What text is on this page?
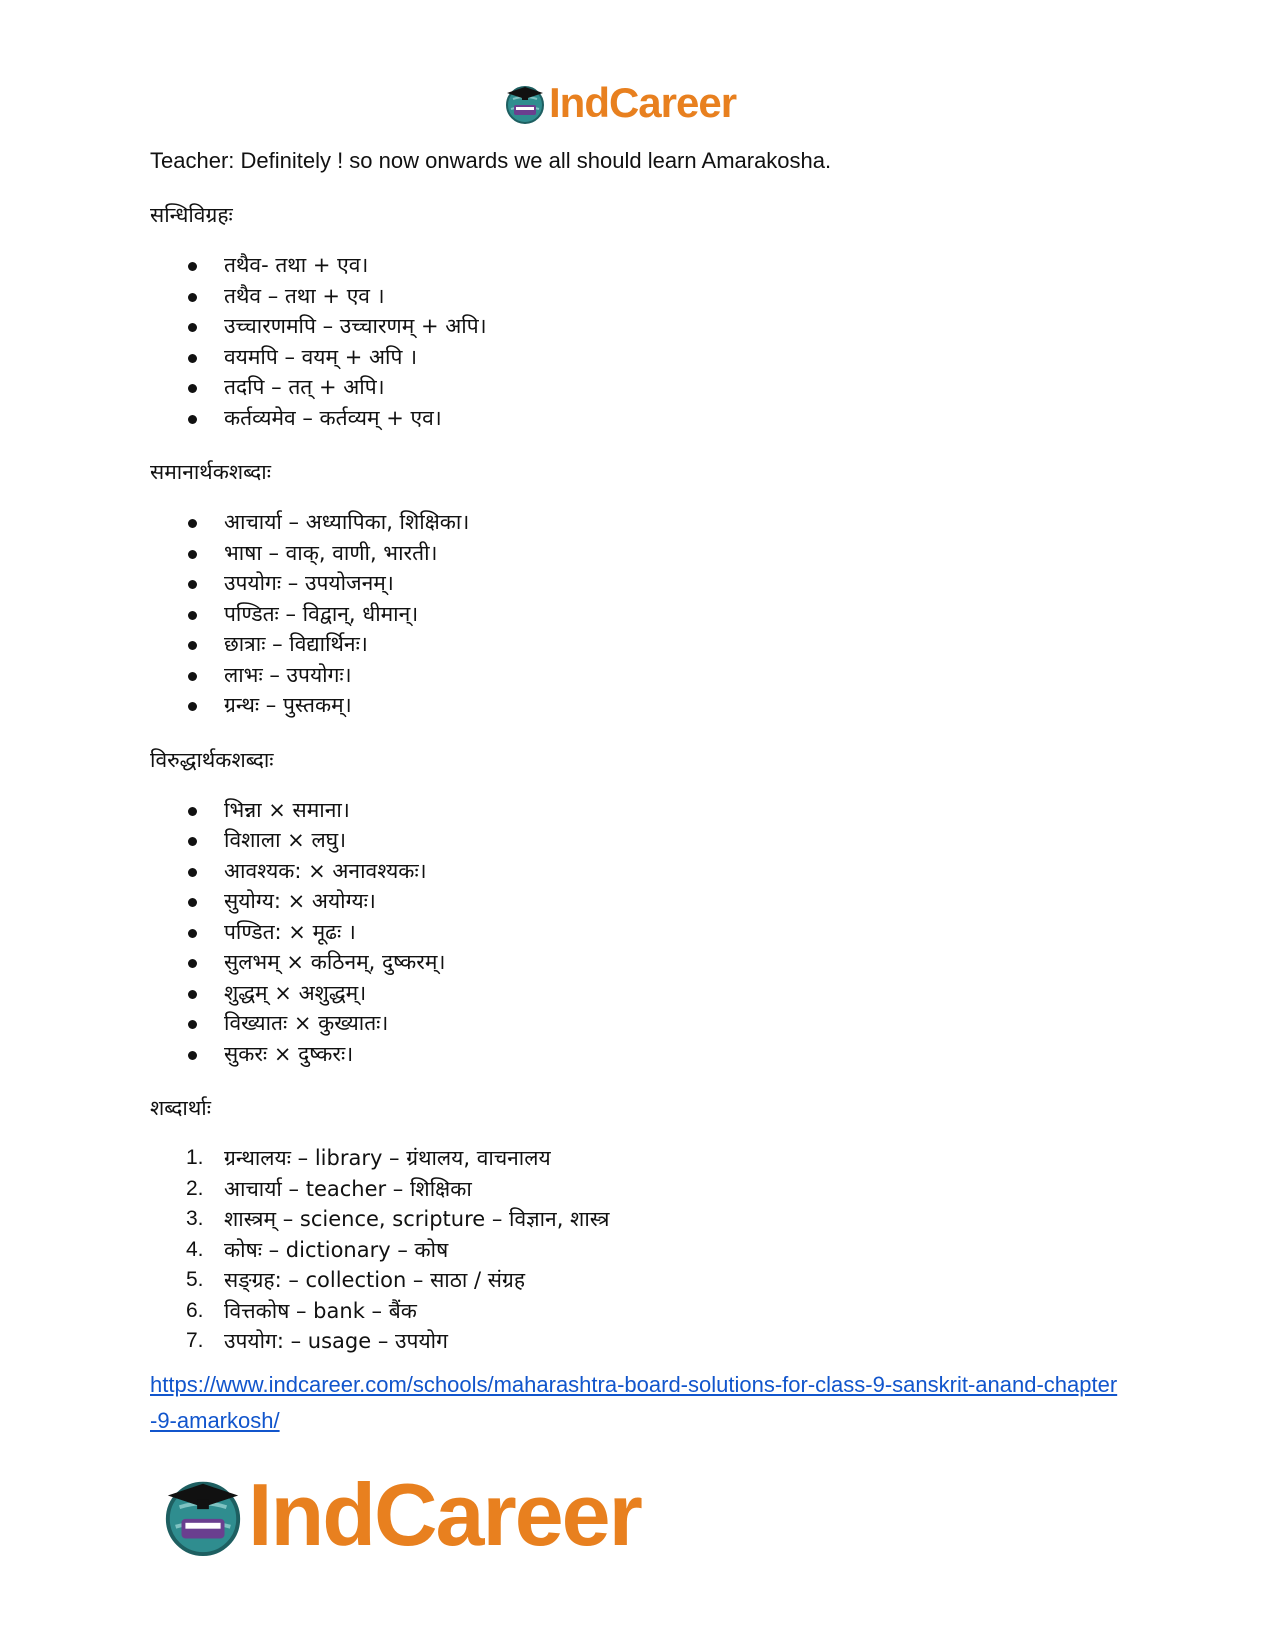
IndCareer

Teacher: Definitely ! so now onwards we all should learn Amarakosha.

सन्धिविग्रहः
तथैव- तथा + एव।
तथैव – तथा + एव ।
उच्चारणमपि – उच्चारणम् + अपि।
वयमपि – वयम् + अपि ।
तदपि – तत् + अपि।
कर्तव्यमेव – कर्तव्यम् + एव।
समानार्थकशब्दाः
आचार्या – अध्यापिका, शिक्षिका।
भाषा – वाक्, वाणी, भारती।
उपयोगः – उपयोजनम्।
पण्डितः – विद्वान्, धीमान्।
छात्राः – विद्यार्थिनः।
लाभः – उपयोगः।
ग्रन्थः – पुस्तकम्।
विरुद्धार्थकशब्दाः
भिन्ना × समाना।
विशाला × लघु।
आवश्यक: × अनावश्यकः।
सुयोग्य: × अयोग्यः।
पण्डित: × मूढः ।
सुलभम् × कठिनम्, दुष्करम्।
शुद्धम् × अशुद्धम्।
विख्यातः × कुख्यातः।
सुकरः × दुष्करः।
शब्दार्थाः
1. ग्रन्थालयः – library – ग्रंथालय, वाचनालय
2. आचार्या – teacher – शिक्षिका
3. शास्त्रम् – science, scripture – विज्ञान, शास्त्र
4. कोषः – dictionary – कोष
5. सङ्ग्रह: – collection – साठा / संग्रह
6. वित्तकोष – bank – बैंक
7. उपयोग: – usage – उपयोग
https://www.indcareer.com/schools/maharashtra-board-solutions-for-class-9-sanskrit-anand-chapter-9-amarkosh/
IndCareer
